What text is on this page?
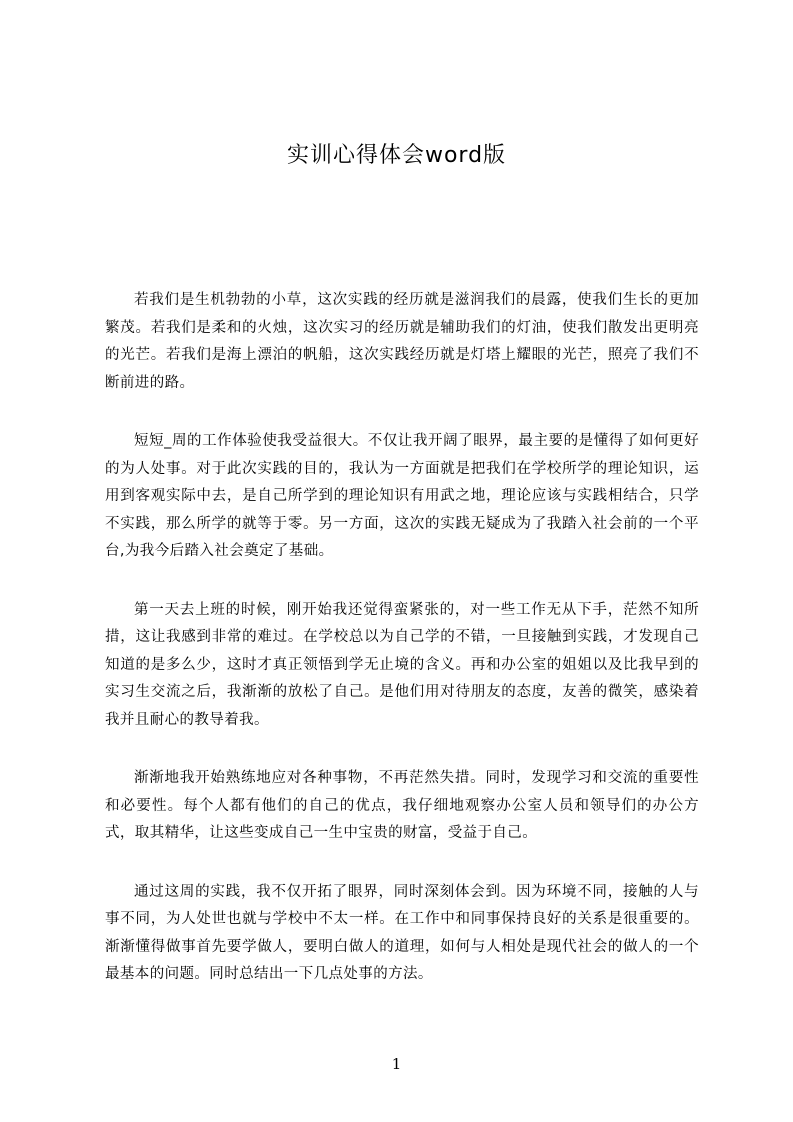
实训心得体会word版

若我们是生机勃勃的小草，这次实践的经历就是滋润我们的晨露，使我们生长的更加繁茂。若我们是柔和的火烛，这次实习的经历就是辅助我们的灯油，使我们散发出更明亮的光芒。若我们是海上漂泊的帆船，这次实践经历就是灯塔上耀眼的光芒，照亮了我们不断前进的路。

短短_周的工作体验使我受益很大。不仅让我开阔了眼界，最主要的是懂得了如何更好的为人处事。对于此次实践的目的，我认为一方面就是把我们在学校所学的理论知识，运用到客观实际中去，是自己所学到的理论知识有用武之地，理论应该与实践相结合，只学不实践，那么所学的就等于零。另一方面，这次的实践无疑成为了我踏入社会前的一个平台,为我今后踏入社会奠定了基础。

第一天去上班的时候，刚开始我还觉得蛮紧张的，对一些工作无从下手，茫然不知所措，这让我感到非常的难过。在学校总以为自己学的不错，一旦接触到实践，才发现自己知道的是多么少，这时才真正领悟到学无止境的含义。再和办公室的姐姐以及比我早到的实习生交流之后，我渐渐的放松了自己。是他们用对待朋友的态度，友善的微笑，感染着我并且耐心的教导着我。

渐渐地我开始熟练地应对各种事物，不再茫然失措。同时，发现学习和交流的重要性和必要性。每个人都有他们的自己的优点，我仔细地观察办公室人员和领导们的办公方式，取其精华，让这些变成自己一生中宝贵的财富，受益于自己。

通过这周的实践，我不仅开拓了眼界，同时深刻体会到。因为环境不同，接触的人与事不同，为人处世也就与学校中不太一样。在工作中和同事保持良好的关系是很重要的。渐渐懂得做事首先要学做人，要明白做人的道理，如何与人相处是现代社会的做人的一个最基本的问题。同时总结出一下几点处事的方法。

1
